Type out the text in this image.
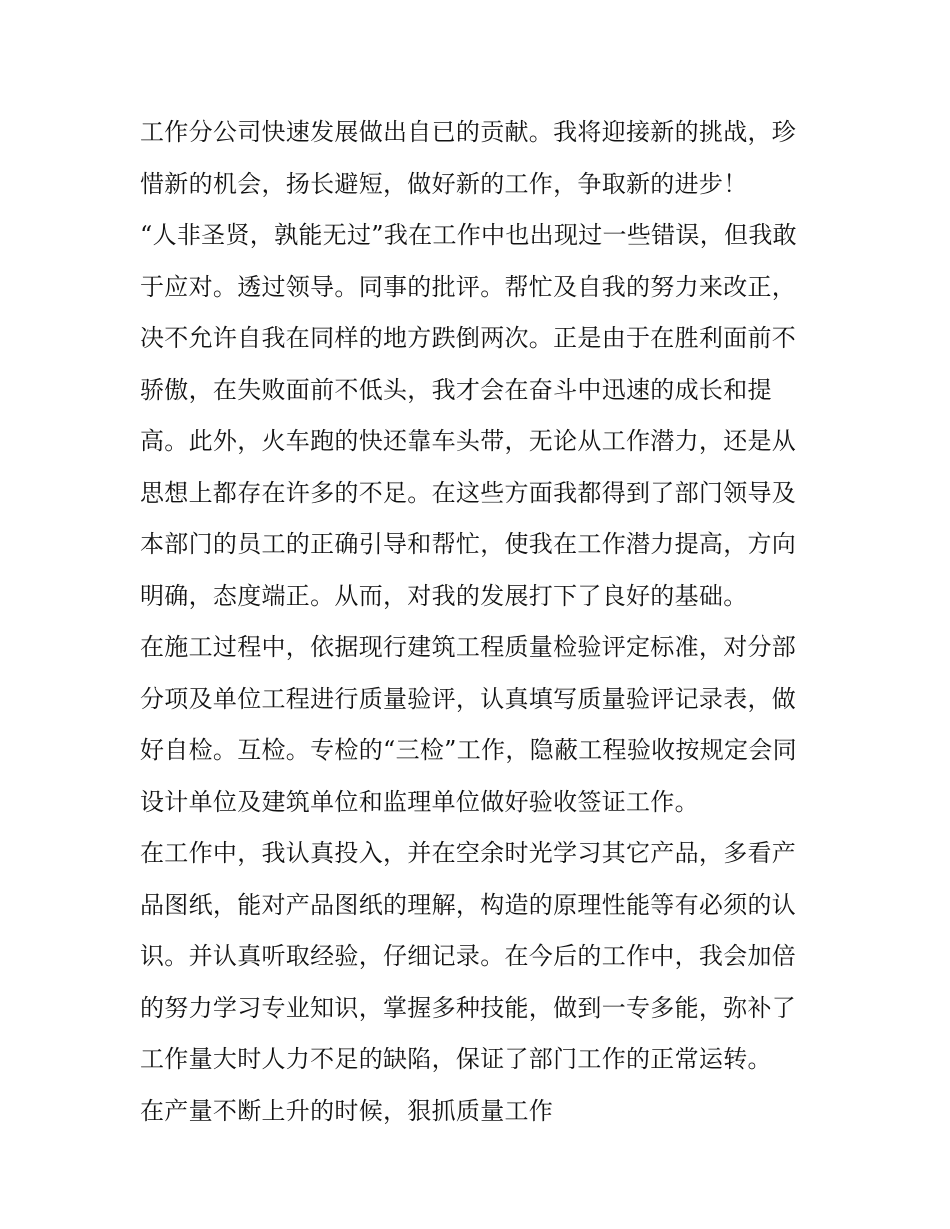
工作分公司快速发展做出自已的贡献。我将迎接新的挑战，珍
惜新的机会，扬长避短，做好新的工作，争取新的进步！
“人非圣贤，孰能无过”我在工作中也出现过一些错误，但我敢
于应对。透过领导。同事的批评。帮忙及自我的努力来改正，
决不允许自我在同样的地方跌倒两次。正是由于在胜利面前不
骄傲，在失败面前不低头，我才会在奋斗中迅速的成长和提
高。此外，火车跑的快还靠车头带，无论从工作潜力，还是从
思想上都存在许多的不足。在这些方面我都得到了部门领导及
本部门的员工的正确引导和帮忙，使我在工作潜力提高，方向
明确，态度端正。从而，对我的发展打下了良好的基础。
在施工过程中，依据现行建筑工程质量检验评定标准，对分部
分项及单位工程进行质量验评，认真填写质量验评记录表，做
好自检。互检。专检的“三检”工作，隐蔽工程验收按规定会同
设计单位及建筑单位和监理单位做好验收签证工作。
在工作中，我认真投入，并在空余时光学习其它产品，多看产
品图纸，能对产品图纸的理解，构造的原理性能等有必须的认
识。并认真听取经验，仔细记录。在今后的工作中，我会加倍
的努力学习专业知识，掌握多种技能，做到一专多能，弥补了
工作量大时人力不足的缺陷，保证了部门工作的正常运转。
在产量不断上升的时候，狠抓质量工作
